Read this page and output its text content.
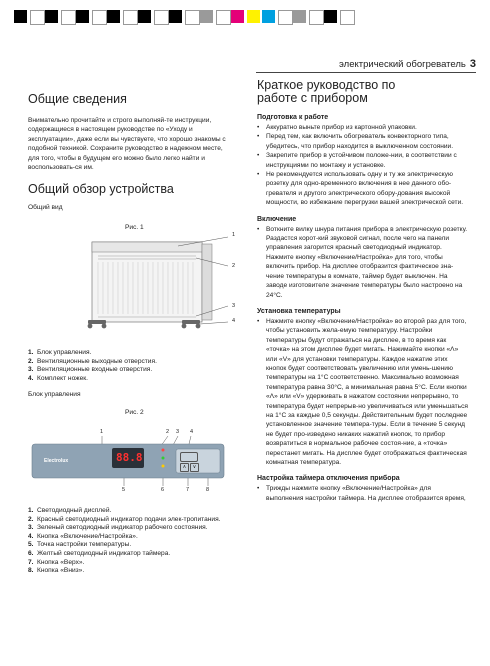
электрический обогреватель 3
Общие сведения

Внимательно прочитайте и строго выполняй-те инструкции, содержащиеся в настоящем руководстве по «Уходу и эксплуатации», даже если вы чувствуете, что хорошо знакомы с подобной техникой. Сохраните руководство в надежном месте, для того, чтобы в будущем его можно было легко найти и воспользовать-ся им.

Общий обзор устройства

Общий вид

Рис. 1
1
2
3
4
1. Блок управления.
2. Вентиляционные выходные отверстия.
3. Вентиляционные входные отверстия.
4. Комплект ножек.

Блок управления

Рис. 2
1	2 3 4
Electrolux	88.8
∧	∨
5	6	7	8
1. Светодиодный дисплей.
2. Красный светодиодный индикатор подачи элек-тропитания.
3. Зеленый светодиодный индикатор рабочего состояния.
4. Кнопка «Включение/Настройка».
5. Точка настройки температуры.
6. Желтый светодиодный индикатор таймера.
7. Кнопка «Верх».
8. Кнопка «Вниз».
Краткое руководство по работе с прибором

Подготовка к работе

• Аккуратно выньте прибор из картонной упаковки.
• Перед тем, как включить обогреватель конвекторного типа, убедитесь, что прибор находится в выключенном состоянии.
• Закрепите прибор в устойчивом положе-нии, в соответствии с инструкциями по монтажу и установке.
• Не рекомендуется использовать одну и ту же электрическую розетку для одно-временного включения в нее данного обо-гревателя и другого электрического обору-дования высокой мощности, во избежание перегрузки вашей электрической сети.

Включение

• Воткните вилку шнура питания прибора в электрическую розетку. Раздастся корот-кий звуковой сигнал, после чего на панели управления загорится красный светодиодный индикатор. Нажмите кнопку «Включение/Настройка» для того, чтобы включить прибор. На дисплее отобразится фактическое зна-чение температуры в комнате, таймер будет выключен. На заводе изготовителе значение температуры было настроено на 24°C.

Установка температуры

• Нажмите кнопку «Включение/Настройка» во второй раз для того, чтобы установить жела-емую температуру. Настройки температуры будут отражаться на дисплее, в то время как «точка» на этом дисплее будет мигать. Нажимайте кнопки «Λ» или «V» для установки температуры. Каждое нажатие этих кнопок будет соответствовать увеличению или умень-шению температуры на 1°C соответственно. Максимально возможная температура равна 30°C, а минимальная равна 5°C. Если кнопки «Λ» или «V» удерживать в нажатом состоянии непрерывно, то температура будет непрерыв-но увеличиваться или уменьшаться на 1°C за каждые 0,5 секунды. Действительным будет последнее установленное значение темпера-туры. Если в течение 5 секунд не будет про-изведено никаких нажатий кнопок, то прибор возвратиться в нормальное рабочее состоя-ние, а «точка» перестанет мигать. На дисплее будет отображаться фактическая комнатная температура.

Настройка таймера отключения прибора

• Трижды нажмите кнопку «Включение/Настройка» для выполнения настройки таймера. На дисплее отобразится время,
